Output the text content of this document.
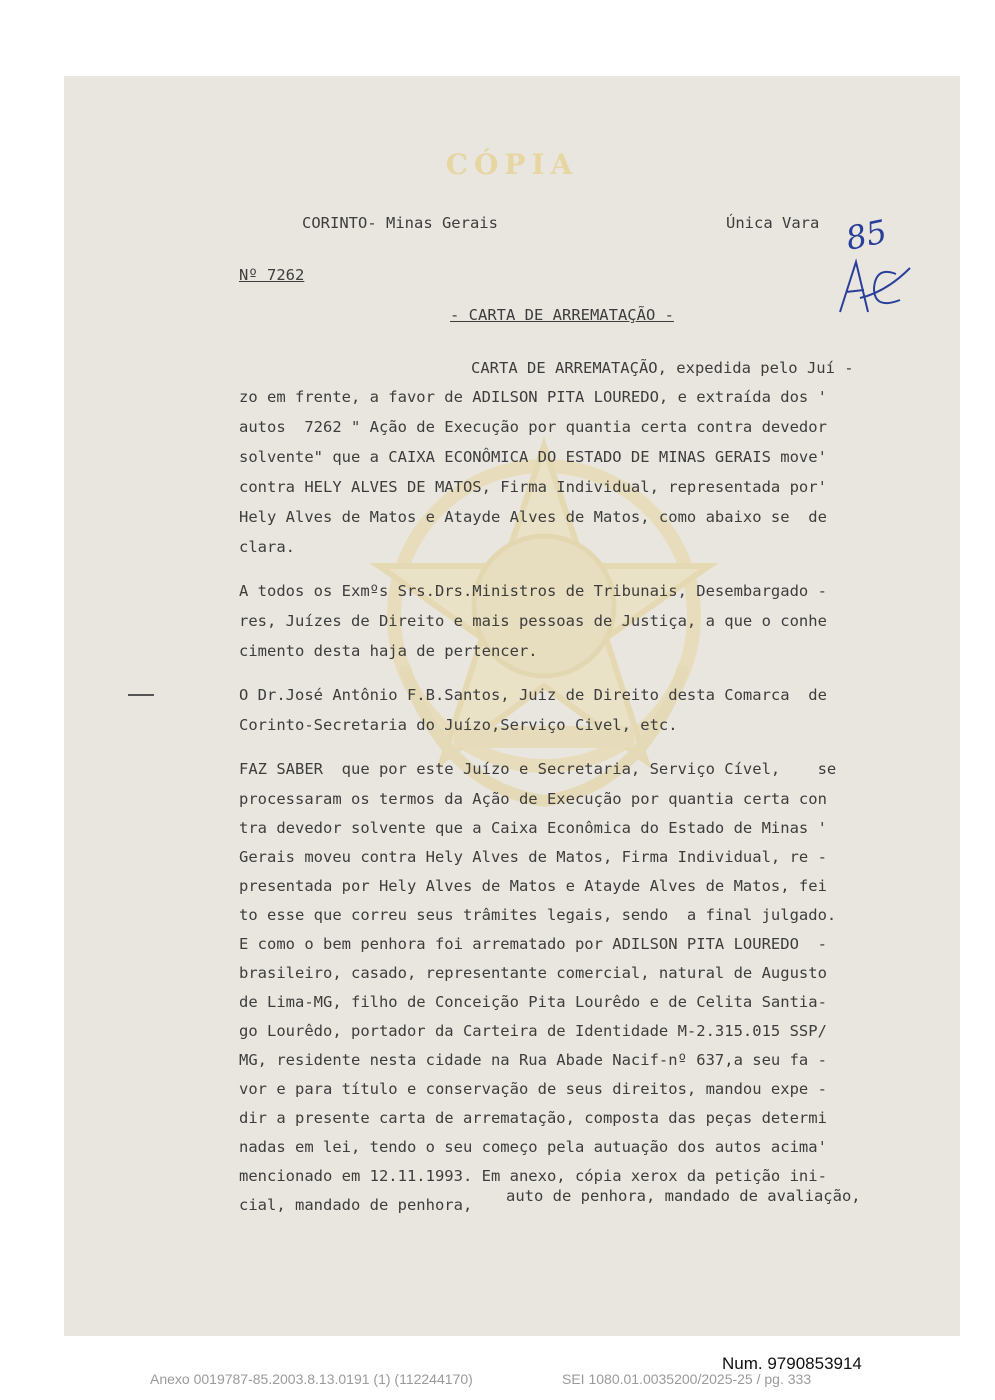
CÓPIA
CORINTO- Minas Gerais	Única Vara
Nº 7262
- CARTA DE ARREMATAÇÃO -
85
CARTA DE ARREMATAÇÃO, expedida pelo Juí -
zo em frente, a favor de ADILSON PITA LOUREDO, e extraída dos '
autos  7262 " Ação de Execução por quantia certa contra devedor
solvente" que a CAIXA ECONÔMICA DO ESTADO DE MINAS GERAIS move'
contra HELY ALVES DE MATOS, Firma Individual, representada por'
Hely Alves de Matos e Atayde Alves de Matos, como abaixo se  de
clara.
A todos os Exmºs Srs.Drs.Ministros de Tribunais, Desembargado -
res, Juízes de Direito e mais pessoas de Justiça, a que o conhe
cimento desta haja de pertencer.
O Dr.José Antônio F.B.Santos, Juiz de Direito desta Comarca  de
Corinto-Secretaria do Juízo,Serviço Civel, etc.
FAZ SABER  que por este Juízo e Secretaria, Serviço Cível,    se
processaram os termos da Ação de Execução por quantia certa con
tra devedor solvente que a Caixa Econômica do Estado de Minas '
Gerais moveu contra Hely Alves de Matos, Firma Individual, re -
presentada por Hely Alves de Matos e Atayde Alves de Matos, fei
to esse que correu seus trâmites legais, sendo  a final julgado.
E como o bem penhora foi arrematado por ADILSON PITA LOUREDO  -
brasileiro, casado, representante comercial, natural de Augusto
de Lima-MG, filho de Conceição Pita Lourêdo e de Celita Santia-
go Lourêdo, portador da Carteira de Identidade M-2.315.015 SSP/
MG, residente nesta cidade na Rua Abade Nacif-nº 637,a seu fa -
vor e para título e conservação de seus direitos, mandou expe -
dir a presente carta de arrematação, composta das peças determi
nadas em lei, tendo o seu começo pela autuação dos autos acima'
mencionado em 12.11.1993. Em anexo, cópia xerox da petição ini-
cial, mandado de penhora, auto de penhora, mandado de avaliação,
Num. 9790853914
Anexo 0019787-85.2003.8.13.0191 (1) (112244170)	SEI 1080.01.0035200/2025-25 / pg. 333
